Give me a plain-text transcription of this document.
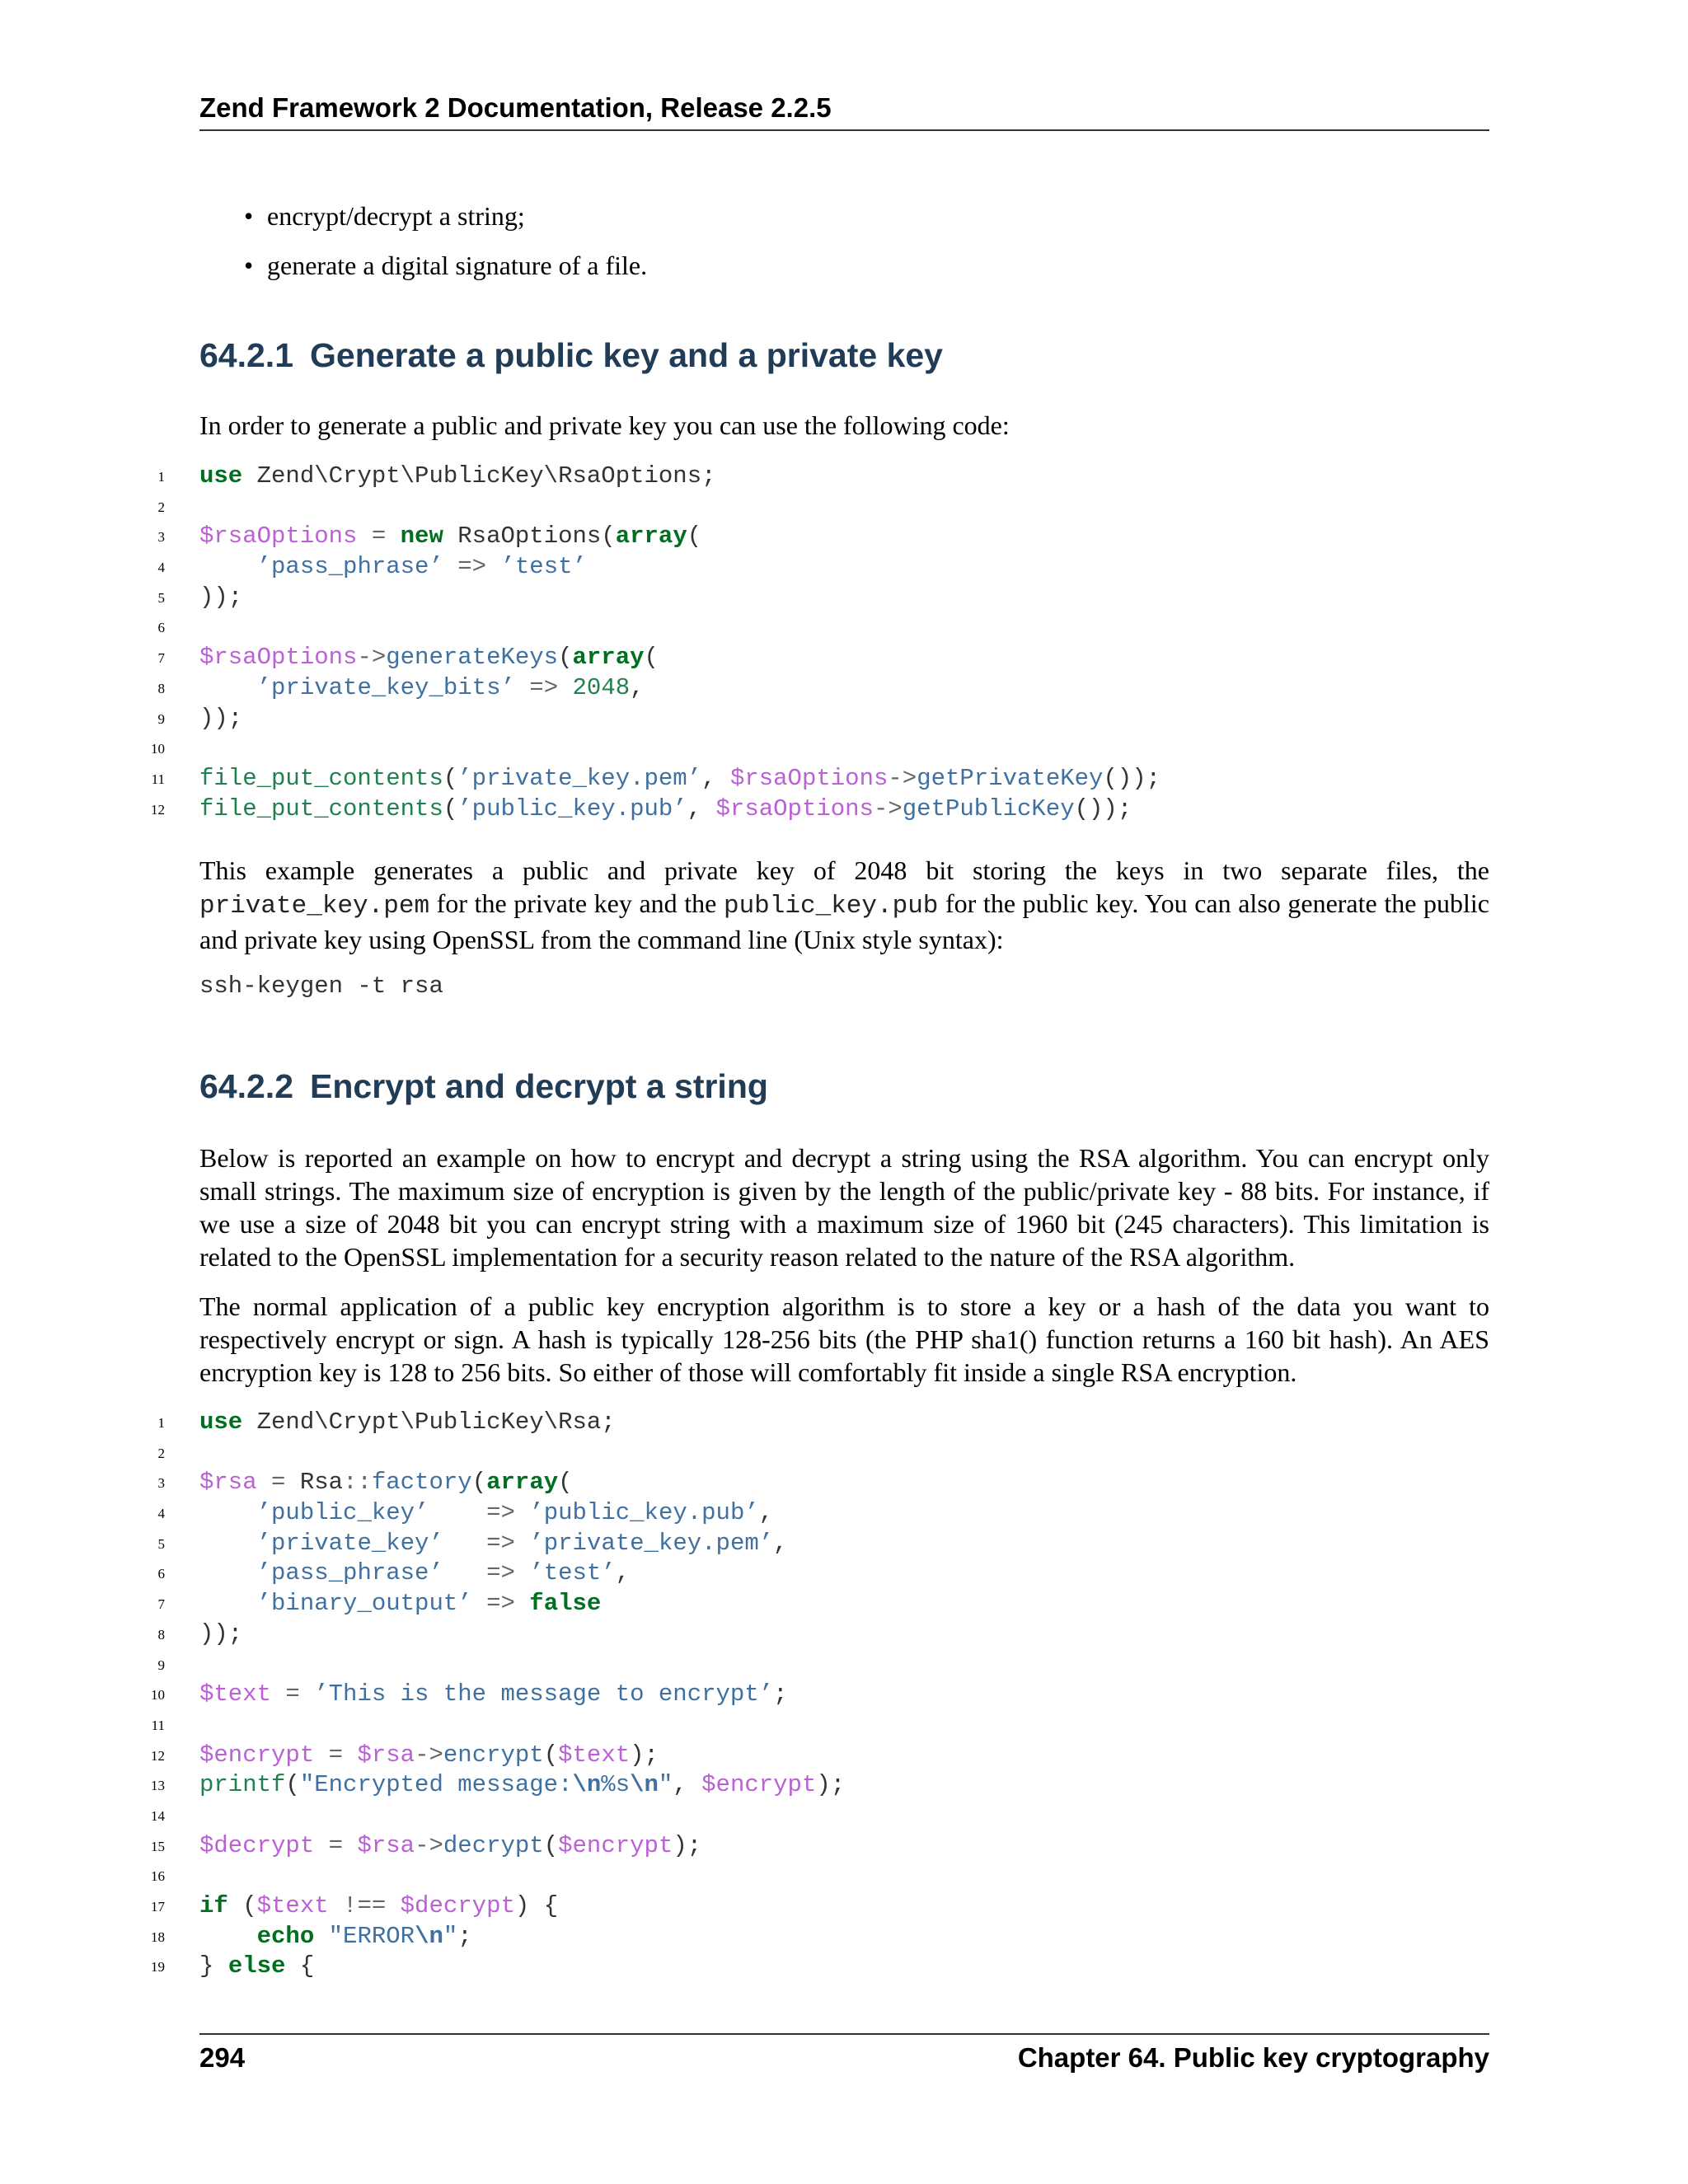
Zend Framework 2 Documentation, Release 2.2.5
• encrypt/decrypt a string;
• generate a digital signature of a file.
64.2.1 Generate a public key and a private key

In order to generate a public and private key you can use the following code:

1 use Zend\Crypt\PublicKey\RsaOptions;
2
3 $rsaOptions = new RsaOptions(array(
4	’pass_phrase’ => ’test’
5 ));
6
7 $rsaOptions->generateKeys(array(
8	’private_key_bits’ => 2048,
9 ));
10
11 file_put_contents(’private_key.pem’, $rsaOptions->getPrivateKey());
12 file_put_contents(’public_key.pub’, $rsaOptions->getPublicKey());

This example generates a public and private key of 2048 bit storing the keys in two separate files, the private_key.pem for the private key and the public_key.pub for the public key. You can also generate the public and private key using OpenSSL from the command line (Unix style syntax):

ssh-keygen -t rsa
64.2.2 Encrypt and decrypt a string

Below is reported an example on how to encrypt and decrypt a string using the RSA algorithm. You can encrypt only small strings. The maximum size of encryption is given by the length of the public/private key - 88 bits. For instance, if we use a size of 2048 bit you can encrypt string with a maximum size of 1960 bit (245 characters). This limitation is related to the OpenSSL implementation for a security reason related to the nature of the RSA algorithm.

The normal application of a public key encryption algorithm is to store a key or a hash of the data you want to respectively encrypt or sign. A hash is typically 128-256 bits (the PHP sha1() function returns a 160 bit hash). An AES encryption key is 128 to 256 bits. So either of those will comfortably fit inside a single RSA encryption.

1 use Zend\Crypt\PublicKey\Rsa;
2
3 $rsa = Rsa::factory(array(
4	’public_key’ => ’public_key.pub’,
5	’private_key’ => ’private_key.pem’,
6	’pass_phrase’ => ’test’,
7	’binary_output’ => false
8 ));
9
10 $text = ’This is the message to encrypt’;
11
12 $encrypt = $rsa->encrypt($text);
13 printf("Encrypted message:\n%s\n", $encrypt);
14
15 $decrypt = $rsa->decrypt($encrypt);
16
17 if ($text !== $decrypt) {
18	echo "ERROR\n";
19 } else {
294	Chapter 64. Public key cryptography
